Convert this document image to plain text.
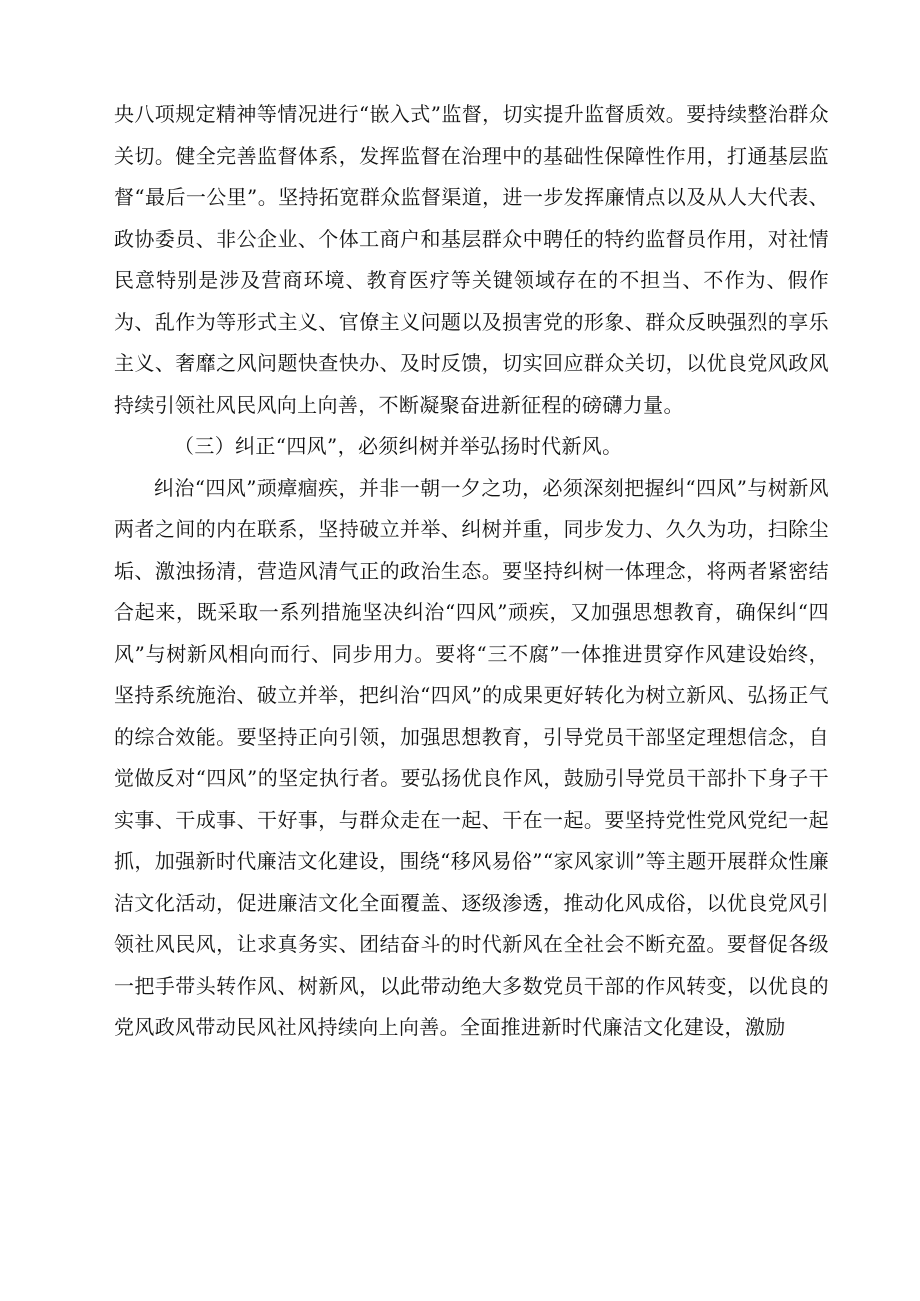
央八项规定精神等情况进行“嵌入式”监督，切实提升监督质效。要持续整治群众关切。健全完善监督体系，发挥监督在治理中的基础性保障性作用，打通基层监督“最后一公里”。坚持拓宽群众监督渠道，进一步发挥廉情点以及从人大代表、政协委员、非公企业、个体工商户和基层群众中聘任的特约监督员作用，对社情民意特别是涉及营商环境、教育医疗等关键领域存在的不担当、不作为、假作为、乱作为等形式主义、官僚主义问题以及损害党的形象、群众反映强烈的享乐主义、奢靡之风问题快查快办、及时反馈，切实回应群众关切，以优良党风政风持续引领社风民风向上向善，不断凝聚奋进新征程的磅礴力量。

（三）纠正“四风”，必须纠树并举弘扬时代新风。

纠治“四风”顽瘴痼疾，并非一朝一夕之功，必须深刻把握纠“四风”与树新风两者之间的内在联系，坚持破立并举、纠树并重，同步发力、久久为功，扫除尘垢、激浊扬清，营造风清气正的政治生态。要坚持纠树一体理念，将两者紧密结合起来，既采取一系列措施坚决纠治“四风”顽疾，又加强思想教育，确保纠“四风”与树新风相向而行、同步用力。要将“三不腐”一体推进贯穿作风建设始终，坚持系统施治、破立并举，把纠治“四风”的成果更好转化为树立新风、弘扬正气的综合效能。要坚持正向引领，加强思想教育，引导党员干部坚定理想信念，自觉做反对“四风”的坚定执行者。要弘扬优良作风，鼓励引导党员干部扑下身子干实事、干成事、干好事，与群众走在一起、干在一起。要坚持党性党风党纪一起抓，加强新时代廉洁文化建设，围绕“移风易俗”“家风家训”等主题开展群众性廉洁文化活动，促进廉洁文化全面覆盖、逐级渗透，推动化风成俗，以优良党风引领社风民风，让求真务实、团结奋斗的时代新风在全社会不断充盈。要督促各级一把手带头转作风、树新风，以此带动绝大多数党员干部的作风转变，以优良的党风政风带动民风社风持续向上向善。全面推进新时代廉洁文化建设，激励
